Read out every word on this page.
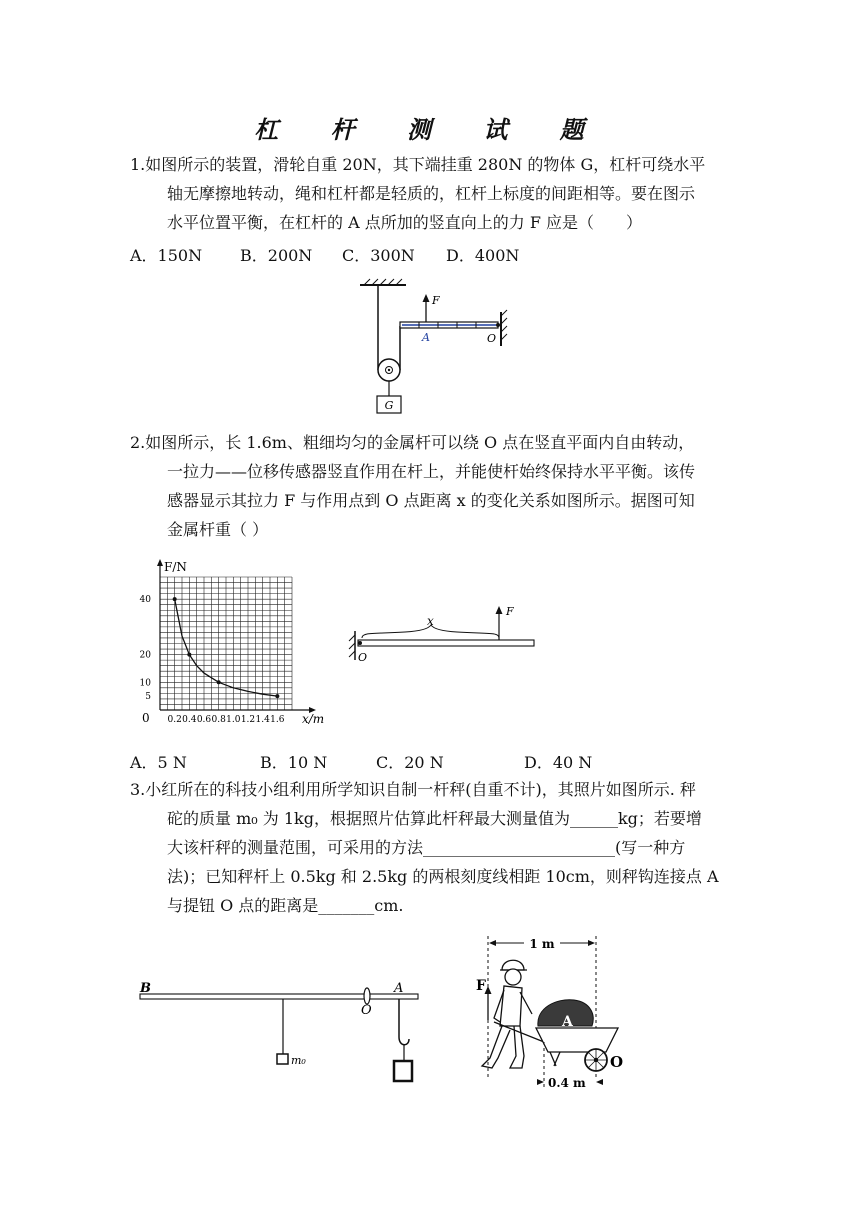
杠 杆 测 试 题
1.如图所示的装置，滑轮自重 20N，其下端挂重 280N 的物体 G，杠杆可绕水平
轴无摩擦地转动，绳和杠杆都是轻质的，杠杆上标度的间距相等。要在图示
水平位置平衡，在杠杆的 A 点所加的竖直向上的力 F 应是（　　）
A．150N B．200N C．300N D．400N
F
A	O
G
2.如图所示，长 1.6m、粗细均匀的金属杆可以绕 O 点在竖直平面内自由转动，
一拉力——位移传感器竖直作用在杆上，并能使杆始终保持水平平衡。该传
感器显示其拉力 F 与作用点到 O 点距离 x 的变化关系如图所示。据图可知
金属杆重（ ）
0.2 0.4 0.6 0.8 1.0 1.2 1.4 1.6
5
10
20
40
F/N
x/m
0
x
F
O
A．5 N	B．10 N	C．20 N	D．40 N
3.小红所在的科技小组利用所学知识自制一杆秤(自重不计)，其照片如图所示. 秤
砣的质量 m₀ 为 1kg，根据照片估算此杆秤最大测量值为______kg；若要增
大该杆秤的测量范围，可采用的方法________________________(写一种方
法)；已知秤杆上 0.5kg 和 2.5kg 的两根刻度线相距 10cm，则秤钩连接点 A
与提钮 O 点的距离是_______cm.
B
O
A
m₀
1 m
F
A
O
0.4 m
